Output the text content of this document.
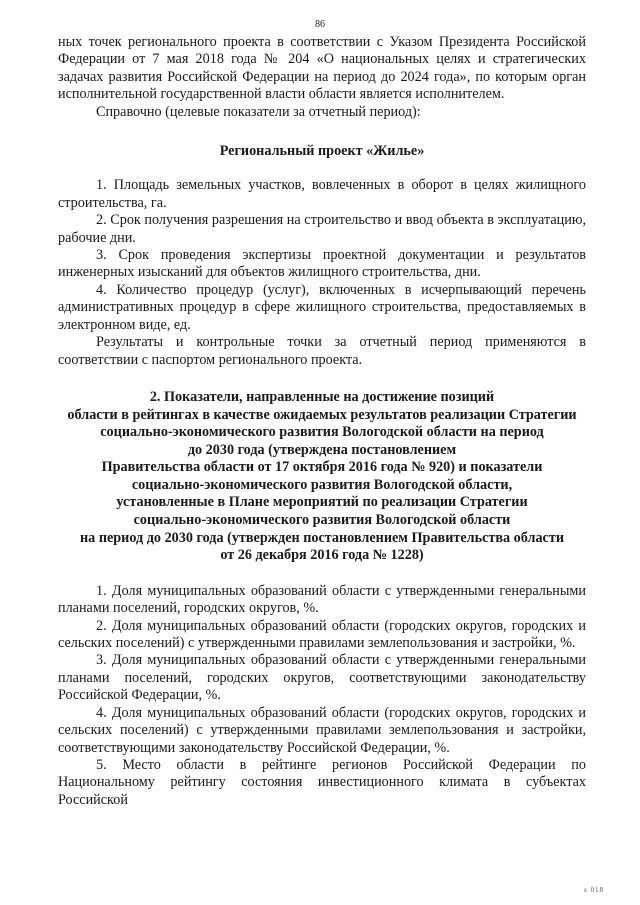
86

ных точек регионального проекта в соответствии с Указом Президента Российской Федерации от 7 мая 2018 года № 204 «О национальных целях и стратегических задачах развития Российской Федерации на период до 2024 года», по которым орган исполнительной государственной власти области является исполнителем.

Справочно (целевые показатели за отчетный период):

Региональный проект «Жилье»

1. Площадь земельных участков, вовлеченных в оборот в целях жилищного строительства, га.

2. Срок получения разрешения на строительство и ввод объекта в эксплуатацию, рабочие дни.

3. Срок проведения экспертизы проектной документации и результатов инженерных изысканий для объектов жилищного строительства, дни.

4. Количество процедур (услуг), включенных в исчерпывающий перечень административных процедур в сфере жилищного строительства, предоставляемых в электронном виде, ед.

Результаты и контрольные точки за отчетный период применяются в соответствии с паспортом регионального проекта.

2. Показатели, направленные на достижение позиций
области в рейтингах в качестве ожидаемых результатов реализации Стратегии социально-экономического развития Вологодской области на период
до 2030 года (утверждена постановлением
Правительства области от 17 октября 2016 года № 920) и показатели
социально-экономического развития Вологодской области,
установленные в Плане мероприятий по реализации Стратегии
социально-экономического развития Вологодской области
на период до 2030 года (утвержден постановлением Правительства области
от 26 декабря 2016 года № 1228)

1. Доля муниципальных образований области с утвержденными генеральными планами поселений, городских округов, %.

2. Доля муниципальных образований области (городских округов, городских и сельских поселений) с утвержденными правилами землепользования и застройки, %.

3. Доля муниципальных образований области с утвержденными генеральными планами поселений, городских округов, соответствующими законодательству Российской Федерации, %.

4. Доля муниципальных образований области (городских округов, городских и сельских поселений) с утвержденными правилами землепользования и застройки, соответствующими законодательству Российской Федерации, %.

5. Место области в рейтинге регионов Российской Федерации по Национальному рейтингу состояния инвестиционного климата в субъектах Российской

s 018
